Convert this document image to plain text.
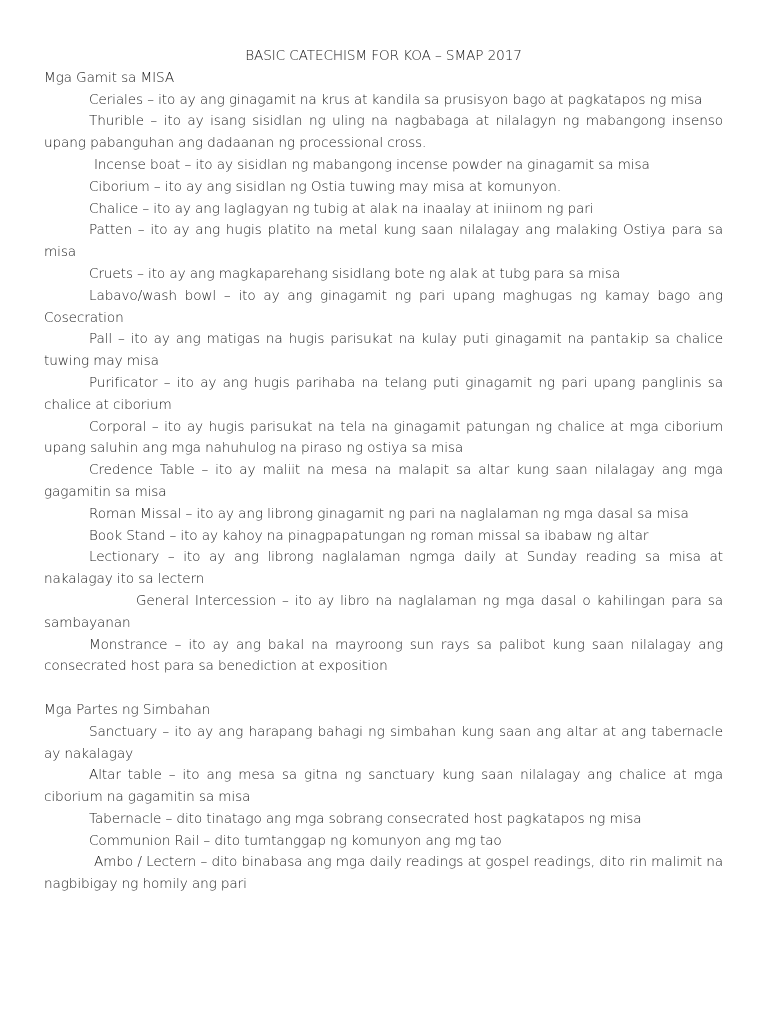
BASIC CATECHISM FOR KOA – SMAP 2017
Mga Gamit sa MISA

Ceriales – ito ay ang ginagamit na krus at kandila sa prusisyon bago at pagkatapos ng misa

Thurible – ito ay isang sisidlan ng uling na nagbabaga at nilalagyn ng mabangong insenso upang pabanguhan ang dadaanan ng processional cross.

Incense boat – ito ay sisidlan ng mabangong incense powder na ginagamit sa misa

Ciborium – ito ay ang sisidlan ng Ostia tuwing may misa at komunyon.

Chalice – ito ay ang laglagyan ng tubig at alak na inaalay at iniinom ng pari

Patten – ito ay ang hugis platito na metal kung saan nilalagay ang malaking Ostiya para sa misa

Cruets – ito ay ang magkaparehang sisidlang bote ng alak at tubg para sa misa

Labavo/wash bowl – ito ay ang ginagamit ng pari upang maghugas ng kamay bago ang Cosecration

Pall – ito ay ang matigas na hugis parisukat na kulay puti ginagamit na pantakip sa chalice tuwing may misa

Purificator – ito ay ang hugis parihaba na telang puti ginagamit ng pari upang panglinis sa chalice at ciborium

Corporal – ito ay hugis parisukat na tela na ginagamit patungan ng chalice at mga ciborium upang saluhin ang mga nahuhulog na piraso ng ostiya sa misa

Credence Table – ito ay maliit na mesa na malapit sa altar kung saan nilalagay ang mga gagamitin sa misa

Roman Missal – ito ay ang librong ginagamit ng pari na naglalaman ng mga dasal sa misa

Book Stand – ito ay kahoy na pinagpapatungan ng roman missal sa ibabaw ng altar

Lectionary – ito ay ang librong naglalaman ngmga daily at Sunday reading sa misa at nakalagay ito sa lectern

General Intercession – ito ay libro na naglalaman ng mga dasal o kahilingan para sa sambayanan

Monstrance – ito ay ang bakal na mayroong sun rays sa palibot kung saan nilalagay ang consecrated host para sa benediction at exposition

Mga Partes ng Simbahan

Sanctuary – ito ay ang harapang bahagi ng simbahan kung saan ang altar at ang tabernacle ay nakalagay

Altar table – ito ang mesa sa gitna ng sanctuary kung saan nilalagay ang chalice at mga ciborium na gagamitin sa misa

Tabernacle – dito tinatago ang mga sobrang consecrated host pagkatapos ng misa

Communion Rail – dito tumtanggap ng komunyon ang mg tao

Ambo / Lectern – dito binabasa ang mga daily readings at gospel readings, dito rin malimit na nagbibigay ng homily ang pari
